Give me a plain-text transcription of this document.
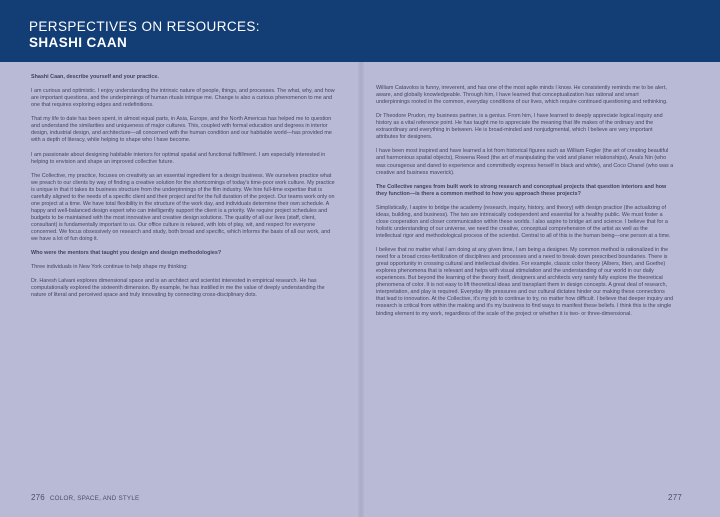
PERSPECTIVES ON RESOURCES:
SHASHI CAAN

Shashi Caan, describe yourself and your practice.

I am curious and optimistic. I enjoy understanding the intrinsic nature of people, things, and processes. The what, why, and how are important questions, and the underpinnings of human rituals intrigue me. Change is also a curious phenomenon to me and one that requires exploring edges and redefinitions.

That my life to date has been spent, in almost equal parts, in Asia, Europe, and the North Americas has helped me to question and understand the similarities and uniqueness of major cultures. This, coupled with formal education and degrees in interior design, industrial design, and architecture—all concerned with the human condition and our habitable world—has provided me with a depth of literacy, while helping to shape who I have become.

I am passionate about designing habitable interiors for optimal spatial and functional fulfillment. I am especially interested in helping to envision and shape an improved collective future.

The Collective, my practice, focuses on creativity as an essential ingredient for a design business. We ourselves practice what we preach to our clients by way of finding a creative solution for the shortcomings of today's time-poor work culture. My practice is unique in that it takes its business structure from the underpinnings of the film industry. We hire full-time expertise that is carefully aligned to the needs of a specific client and their project and for the full duration of the project. Our teams work only on one project at a time. We have total flexibility in the structure of the work day, and individuals determine their own schedule. A happy and well-balanced design expert who can intelligently support the client is a priority. We require project schedules and budgets to be maintained with the most innovative and creative design solutions. The quality of all our lives (staff, client, consultant) is fundamentally important to us. Our office culture is relaxed, with lots of play, wit, and respect for everyone concerned. We focus obsessively on research and study, both broad and specific, which informs the basis of all our work, and we have a lot of fun doing it.

Who were the mentors that taught you design and design methodologies?

Three individuals in New York continue to help shape my thinking:

Dr. Haresh Lalvani explores dimensional space and is an architect and scientist interested in empirical research. He has computationally explored the sixteenth dimension. By example, he has instilled in me the value of deeply understanding the nature of literal and perceived space and truly innovating by connecting cross-disciplinary dots.

William Catavolos is funny, irreverent, and has one of the most agile minds I know. He consistently reminds me to be alert, aware, and globally knowledgeable. Through him, I have learned that conceptualization has rational and smart underpinnings rooted in the common, everyday conditions of our lives, which require continued questioning and rethinking.

Dr Theodore Prudon, my business partner, is a genius. From him, I have learned to deeply appreciate logical inquiry and history as a vital reference point. He has taught me to appreciate the meaning that life makes of the ordinary and the extraordinary and everything in between. He is broad-minded and nonjudgmental, which I believe are very important attributes for designers.

I have been most inspired and have learned a lot from historical figures such as William Fogler (the art of creating beautiful and harmonious spatial objects), Rowena Reed (the art of manipulating the void and planer relationships), Anaïs Nin (who was courageous and dared to experience and committedly express herself in black and white), and Coco Chanel (who was a creative and business maverick).

The Collective ranges from built work to strong research and conceptual projects that question interiors and how they function—is there a common method to how you approach these projects?

Simplistically, I aspire to bridge the academy (research, inquiry, history, and theory) with design practice (the actualizing of ideas, building, and business). The two are intrinsically codependent and essential for a healthy public. We must foster a close cooperation and closer communication within these worlds. I also aspire to bridge art and science. I believe that for a holistic understanding of our universe, we need the creative, conceptual comprehension of the artist as well as the intellectual rigor and methodological process of the scientist. Central to all of this is the human being—one person at a time.

I believe that no matter what I am doing at any given time, I am being a designer. My common method is rationalized in the need for a broad cross-fertilization of disciplines and processes and a need to break down prescribed boundaries. There is great opportunity in crossing cultural and intellectual divides. For example, classic color theory (Albers, Itten, and Goethe) explores phenomena that is relevant and helps with visual stimulation and the understanding of our world in our daily experiences. But beyond the learning of the theory itself, designers and architects very rarely fully explore the theoretical phenomena of color. It is not easy to lift theoretical ideas and transplant them in design concepts. A great deal of research, interpretation, and play is required. Everyday life pressures and our cultural dictates hinder our making these connections that lead to innovation. At the Collective, it's my job to continue to try, no matter how difficult. I believe that deeper inquiry and research is critical from within the making and it's my business to find ways to manifest these beliefs. I think this is the single binding element to my work, regardless of the scale of the project or whether it is two- or three-dimensional.

276 COLOR, SPACE, AND STYLE	277
